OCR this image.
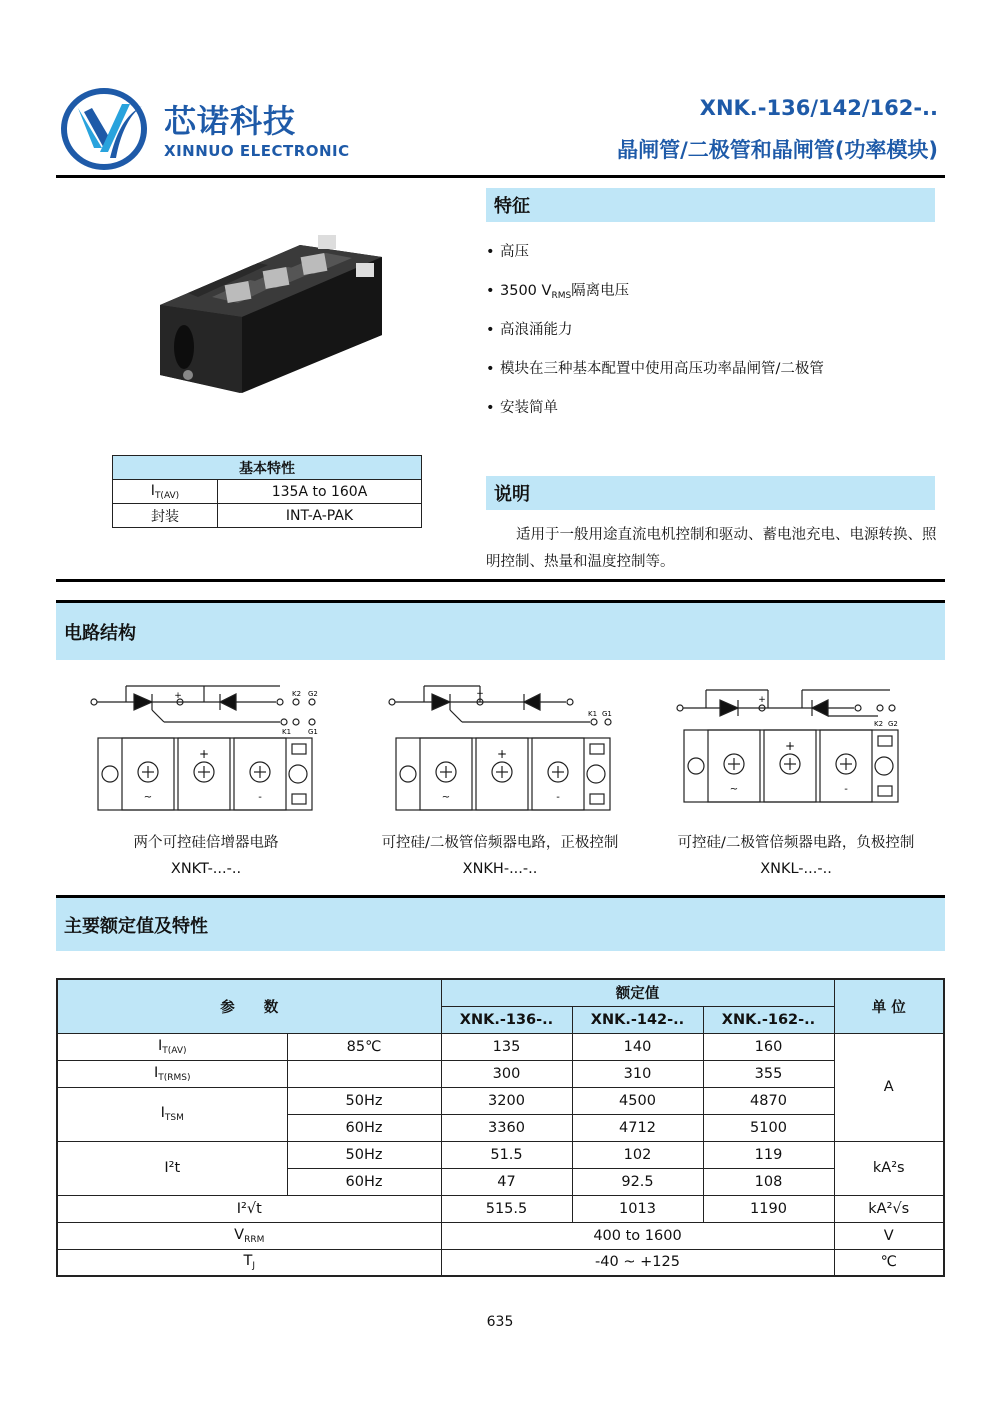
芯诺科技
XINNUO ELECTRONIC
XNK.-136/142/162-..
晶闸管/二极管和晶闸管(功率模块)
特征
• 高压
• 3500 $V_{RMS}$隔离电压
• 高浪涌能力
• 模块在三种基本配置中使用高压功率晶闸管/二极管
• 安装简单
基本特性	
$I_{T(AV)}$	135A to 160A
封装	INT-A-PAK
说明
适用于一般用途直流电机控制和驱动、蓄电池充电、电源转换、照明控制、热量和温度控制等。
电路结构
+
~
+
-
K2 G2
K1 G1
两个可控硅倍增器电路
XNKT-...-..
+
~
+
-
K1 G1
可控硅/二极管倍频器电路，正极控制
XNKH-...-..
+
~
+
-
K2 G2
可控硅/二极管倍频器电路，负极控制
XNKL-...-..
主要额定值及特性
参　　数		额定值			单 位
		XNK.-136-..	XNK.-142-..	XNK.-162-..	
$I_{T(AV)}$	85℃	135	140	160	A
$I_{T(RMS)}$		300	310	355	
$I_{TSM}$	50Hz	3200	4500	4870	
	60Hz	3360	4712	5100	
I²t	50Hz	51.5	102	119	kA²s
	60Hz	47	92.5	108	
I²√t		515.5	1013	1190	kA²√s
$V_{RRM}$		400 to 1600			V
$T_J$		-40 ~ +125			℃
635
